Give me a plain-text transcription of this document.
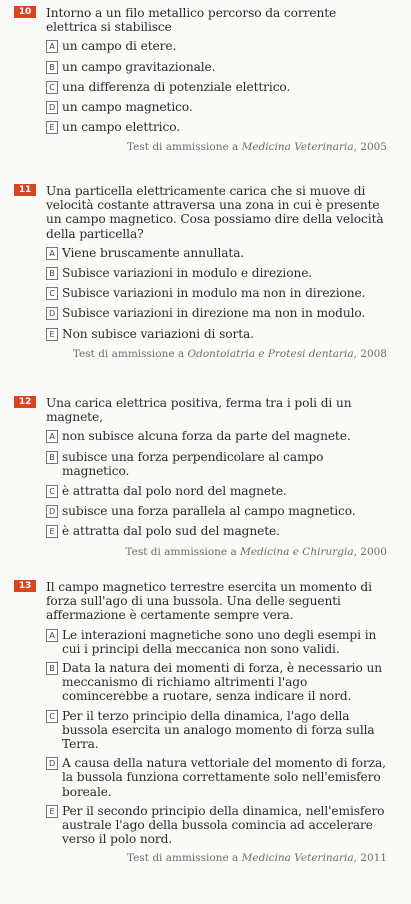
10	Intorno a un filo metallico percorso da corrente elettrica si stabilisce
A un campo di etere.
B un campo gravitazionale.
C una differenza di potenziale elettrico.
D un campo magnetico.
E un campo elettrico.
Test di ammissione a Medicina Veterinaria, 2005
11	Una particella elettricamente carica che si muove di velocità costante attraversa una zona in cui è presente un campo magnetico. Cosa possiamo dire della velocità della particella?
A Viene bruscamente annullata.
B Subisce variazioni in modulo e direzione.
C Subisce variazioni in modulo ma non in direzione.
D Subisce variazioni in direzione ma non in modulo.
E Non subisce variazioni di sorta.
Test di ammissione a Odontoiatria e Protesi dentaria, 2008
12	Una carica elettrica positiva, ferma tra i poli di un magnete,
A non subisce alcuna forza da parte del magnete.
B subisce una forza perpendicolare al campo magnetico.
C è attratta dal polo nord del magnete.
D subisce una forza parallela al campo magnetico.
E è attratta dal polo sud del magnete.
Test di ammissione a Medicina e Chirurgia, 2000
13	Il campo magnetico terrestre esercita un momento di forza sull'ago di una bussola. Una delle seguenti affermazione è certamente sempre vera.
A Le interazioni magnetiche sono uno degli esempi in cui i principi della meccanica non sono validi.
B Data la natura dei momenti di forza, è necessario un meccanismo di richiamo altrimenti l'ago comincerebbe a ruotare, senza indicare il nord.
C Per il terzo principio della dinamica, l'ago della bussola esercita un analogo momento di forza sulla Terra.
D A causa della natura vettoriale del momento di forza, la bussola funziona correttamente solo nell'emisfero boreale.
E Per il secondo principio della dinamica, nell'emisfero australe l'ago della bussola comincia ad accelerare verso il polo nord.
Test di ammissione a Medicina Veterinaria, 2011
